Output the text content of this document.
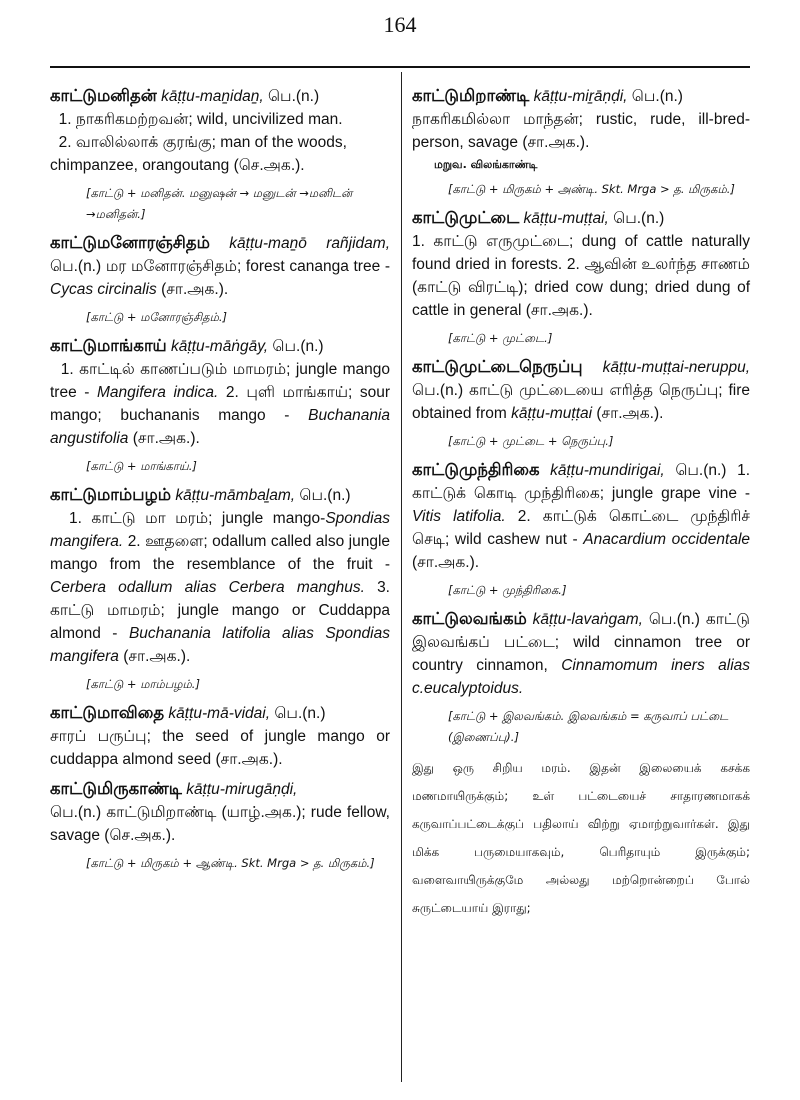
164

காட்டுமனிதன் kāṭṭu-maṉidaṉ, பெ.(n.)
1. நாகரிகமற்றவன்; wild, uncivilized man.
2. வாலில்லாக் குரங்கு; man of the woods, chimpanzee, orangoutang (செ.அக.).

[காட்டு + மனிதன். மனுஷன் → மனுடன் →மனிடன் →மனிதன்.]

காட்டுமனோரஞ்சிதம் kāṭṭu-maṉō rañjidam, பெ.(n.) மர மனோரஞ்சிதம்; forest cananga tree - Cycas circinalis (சா.அக.).

[காட்டு + மனோரஞ்சிதம்.]

காட்டுமாங்காய் kāṭṭu-māṅgāy, பெ.(n.)
1. காட்டில் காணப்படும் மாமரம்; jungle mango tree - Mangifera indica. 2. புளி மாங்காய்; sour mango; buchananis mango - Buchanania angustifolia (சா.அக.).

[காட்டு + மாங்காய்.]

காட்டுமாம்பழம் kāṭṭu-māmbaḻam, பெ.(n.)
1. காட்டு மா மரம்; jungle mango-Spondias mangifera. 2. ஊதளை; odallum called also jungle mango from the resemblance of the fruit - Cerbera odallum alias Cerbera manghus. 3. காட்டு மாமரம்; jungle mango or Cuddappa almond - Buchanania latifolia alias Spondias mangifera (சா.அக.).

[காட்டு + மாம்பழம்.]

காட்டுமாவிதை kāṭṭu-mā-vidai, பெ.(n.)
சாரப் பருப்பு; the seed of jungle mango or cuddappa almond seed (சா.அக.).

காட்டுமிருகாண்டி kāṭṭu-mirugāṇḍi,
பெ.(n.) காட்டுமிறாண்டி (யாழ்.அக.); rude fellow, savage (செ.அக.).

[காட்டு + மிருகம் + ஆண்டி. Skt. Mrga > த. மிருகம்.]

காட்டுமிறாண்டி kāṭṭu-miṟāṇḍi, பெ.(n.)
நாகரிகமில்லா மாந்தன்; rustic, rude, ill-bred-person, savage (சா.அக.).

மறுவ. விலங்காண்டி

[காட்டு + மிருகம் + அண்டி. Skt. Mrga > த. மிருகம்.]

காட்டுமுட்டை kāṭṭu-muṭṭai, பெ.(n.)
1. காட்டு எருமுட்டை; dung of cattle naturally found dried in forests. 2. ஆவின் உலர்ந்த சாணம் (காட்டு விரட்டி); dried cow dung; dried dung of cattle in general (சா.அக.).

[காட்டு + முட்டை.]

காட்டுமுட்டைநெருப்பு kāṭṭu-muṭṭai-neruppu, பெ.(n.) காட்டு முட்டையை எரித்த நெருப்பு; fire obtained from kāṭṭu-muṭṭai (சா.அக.).

[காட்டு + முட்டை + நெருப்பு.]

காட்டுமுந்திரிகை kāṭṭu-mundirigai, பெ.(n.) 1. காட்டுக் கொடி முந்திரிகை; jungle grape vine - Vitis latifolia. 2. காட்டுக் கொட்டை முந்திரிச் செடி; wild cashew nut - Anacardium occidentale (சா.அக.).

[காட்டு + முந்திரிகை.]

காட்டுலவங்கம் kāṭṭu-lavaṅgam, பெ.(n.) காட்டு இலவங்கப் பட்டை; wild cinnamon tree or country cinnamon, Cinnamomum iners alias c.eucalyptoidus.

[காட்டு + இலவங்கம். இலவங்கம் = கருவாப் பட்டை (இணைப்பு).]

இது ஒரு சிறிய மரம். இதன் இலையைக் கசக்க மணமாயிருக்கும்; உள் பட்டையைச் சாதாரணமாகக் கருவாப்பட்டைக்குப் பதிலாய் விற்று ஏமாற்றுவார்கள். இது மிக்க பருமையாகவும், பெரிதாயும் இருக்கும்; வளைவாயிருக்குமே அல்லது மற்றொன்றைப் போல் சுருட்டையாய் இராது;
